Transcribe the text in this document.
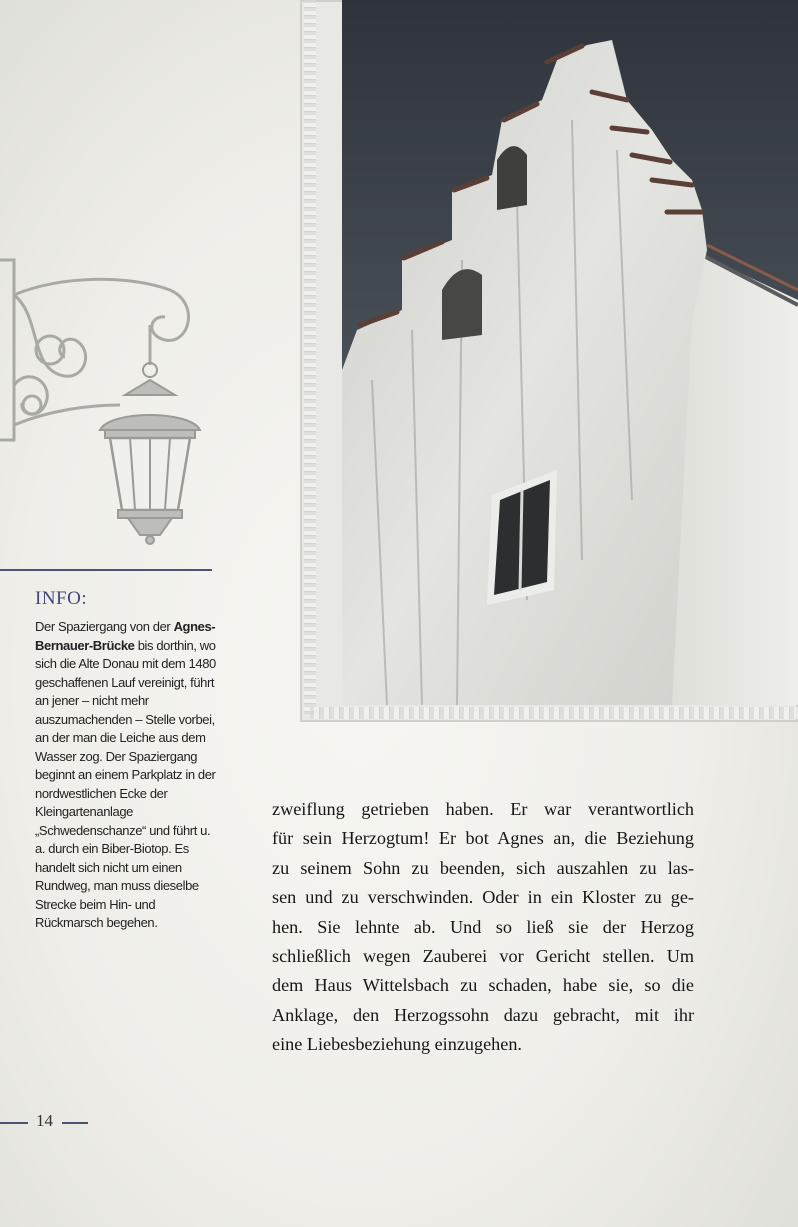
INFO:
Der Spaziergang von der Agnes-Bernauer-Brücke bis dorthin, wo sich die Alte Donau mit dem 1480 geschaffenen Lauf vereinigt, führt an jener – nicht mehr auszumachenden – Stelle vorbei, an der man die Leiche aus dem Wasser zog. Der Spaziergang beginnt an einem Parkplatz in der nordwestlichen Ecke der Kleingartenanlage „Schwedenschanze“ und führt u. a. durch ein Biber-Biotop. Es handelt sich nicht um einen Rundweg, man muss dieselbe Strecke beim Hin- und Rückmarsch begehen.
zweiflung getrieben haben. Er war verantwortlich
für sein Herzogtum! Er bot Agnes an, die Beziehung
zu seinem Sohn zu beenden, sich auszahlen zu las-
sen und zu verschwinden. Oder in ein Kloster zu ge-
hen. Sie lehnte ab. Und so ließ sie der Herzog
schließlich wegen Zauberei vor Gericht stellen. Um
dem Haus Wittelsbach zu schaden, habe sie, so die
Anklage, den Herzogssohn dazu gebracht, mit ihr
eine Liebesbeziehung einzugehen.
14
